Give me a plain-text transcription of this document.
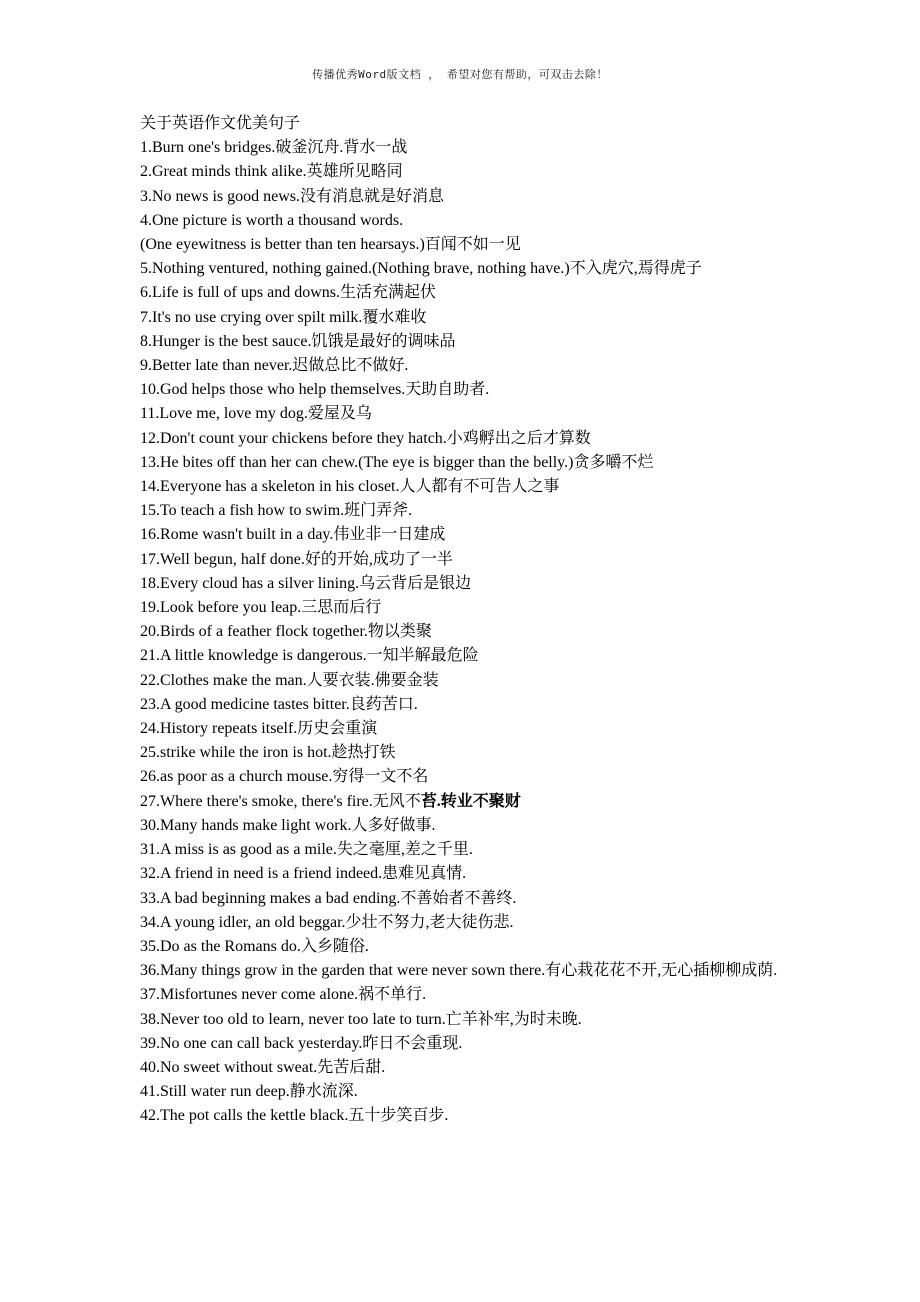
传播优秀Word版文档 ， 希望对您有帮助，可双击去除！
关于英语作文优美句子
1.Burn one's bridges.破釜沉舟.背水一战
2.Great minds think alike.英雄所见略同
3.No news is good news.没有消息就是好消息
4.One picture is worth a thousand words.
(One eyewitness is better than ten hearsays.)百闻不如一见
5.Nothing ventured, nothing gained.(Nothing brave, nothing have.)不入虎穴,焉得虎子
6.Life is full of ups and downs.生活充满起伏
7.It's no use crying over spilt milk.覆水难收
8.Hunger is the best sauce.饥饿是最好的调味品
9.Better late than never.迟做总比不做好.
10.God helps those who help themselves.天助自助者.
11.Love me, love my dog.爱屋及乌
12.Don't count your chickens before they hatch.小鸡孵出之后才算数
13.He bites off than her can chew.(The eye is bigger than the belly.)贪多嚼不烂
14.Everyone has a skeleton in his closet.人人都有不可告人之事
15.To teach a fish how to swim.班门弄斧.
16.Rome wasn't built in a day.伟业非一日建成
17.Well begun, half done.好的开始,成功了一半
18.Every cloud has a silver lining.乌云背后是银边
19.Look before you leap.三思而后行
20.Birds of a feather flock together.物以类聚
21.A little knowledge is dangerous.一知半解最危险
22.Clothes make the man.人要衣装.佛要金装
23.A good medicine tastes bitter.良药苦口.
24.History repeats itself.历史会重演
25.strike while the iron is hot.趁热打铁
26.as poor as a church mouse.穷得一文不名
27.Where there's smoke, there's fire.无风不苔.转业不聚财
30.Many hands make light work.人多好做事.
31.A miss is as good as a mile.失之毫厘,差之千里.
32.A friend in need is a friend indeed.患难见真情.
33.A bad beginning makes a bad ending.不善始者不善终.
34.A young idler, an old beggar.少壮不努力,老大徒伤悲.
35.Do as the Romans do.入乡随俗.
36.Many things grow in the garden that were never sown there.有心栽花花不开,无心插柳柳成荫.
37.Misfortunes never come alone.祸不单行.
38.Never too old to learn, never too late to turn.亡羊补牢,为时未晚.
39.No one can call back yesterday.昨日不会重现.
40.No sweet without sweat.先苦后甜.
41.Still water run deep.静水流深.
42.The pot calls the kettle black.五十步笑百步.
